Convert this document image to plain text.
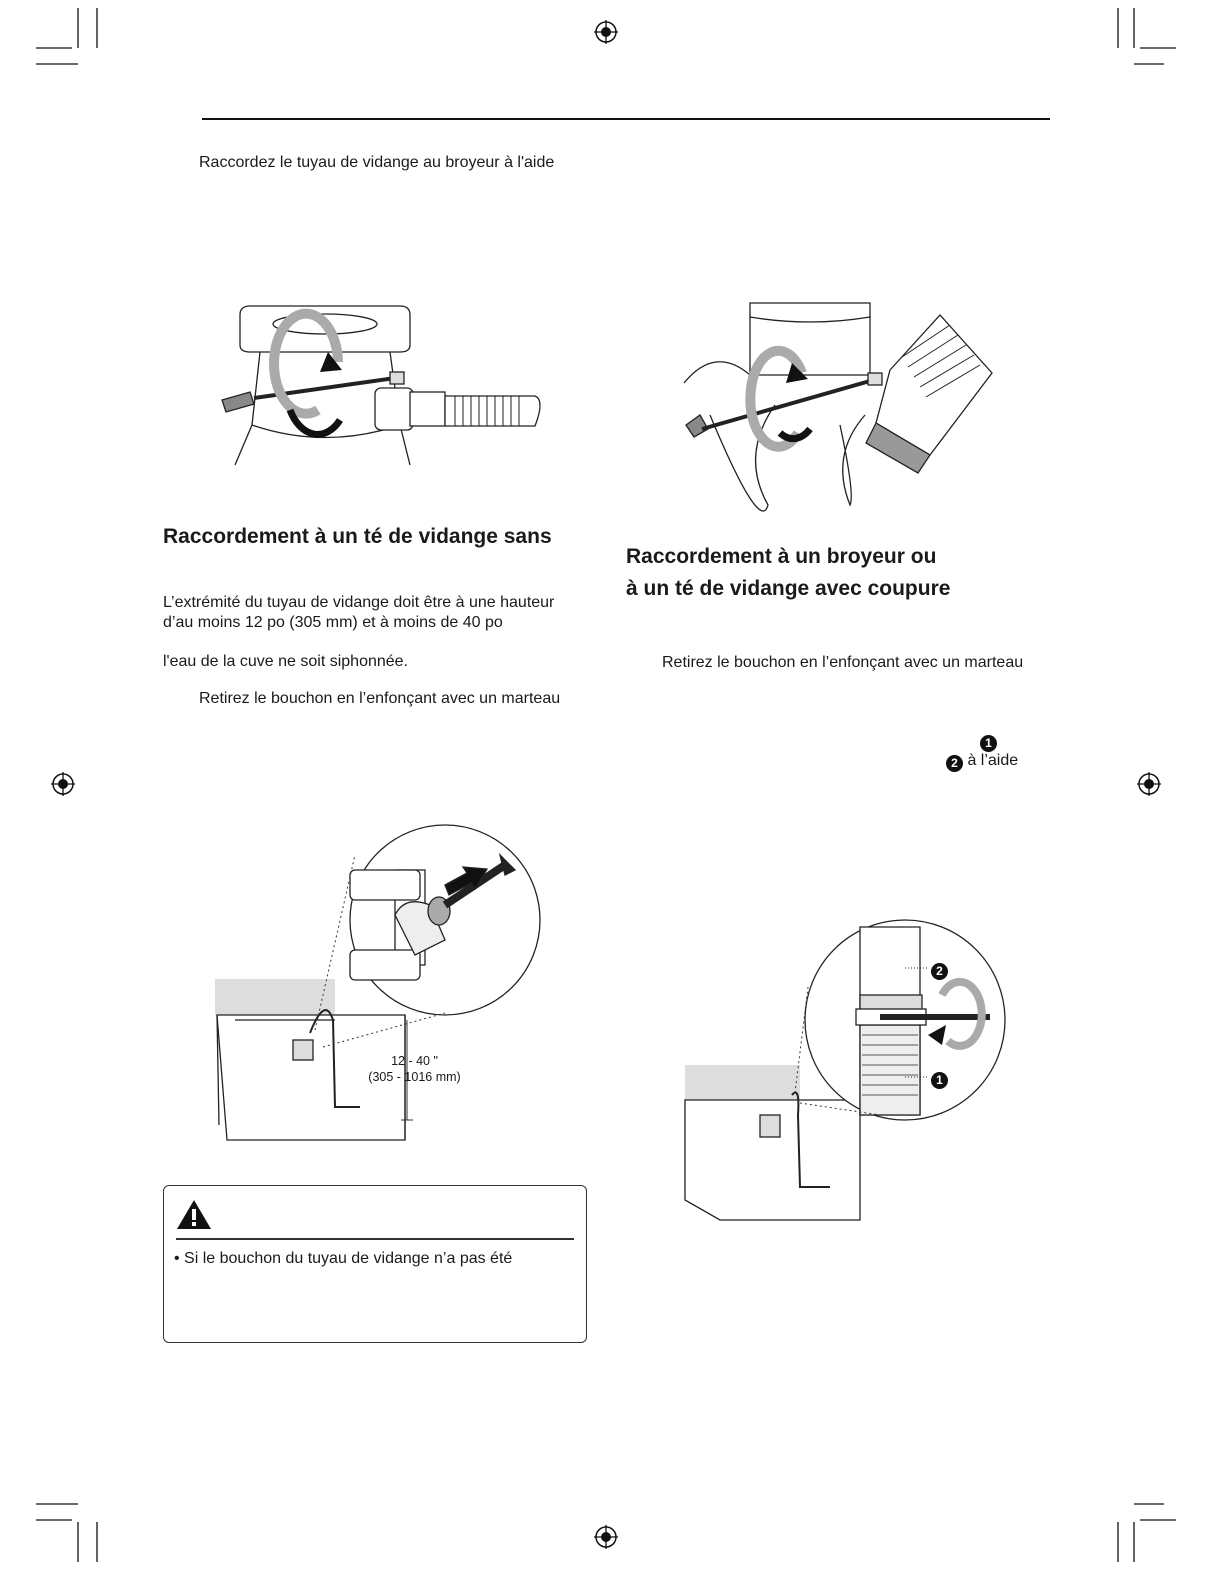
Raccordez le tuyau de vidange au broyeur à l'aide
Raccordement à un té de vidange sans
L’extrémité du tuyau de vidange doit être à une hauteur
d’au moins 12 po (305 mm) et à moins de 40 po
l'eau de la cuve ne soit siphonnée.
Retirez le bouchon en l’enfonçant avec un marteau
Raccordement à un broyeur ou
à un té de vidange avec coupure
Retirez le bouchon en l’enfonçant avec un marteau
1
2 à l’aide
12 - 40 "
(305 - 1016 mm)
2
1
• Si le bouchon du tuyau de vidange n’a pas été
